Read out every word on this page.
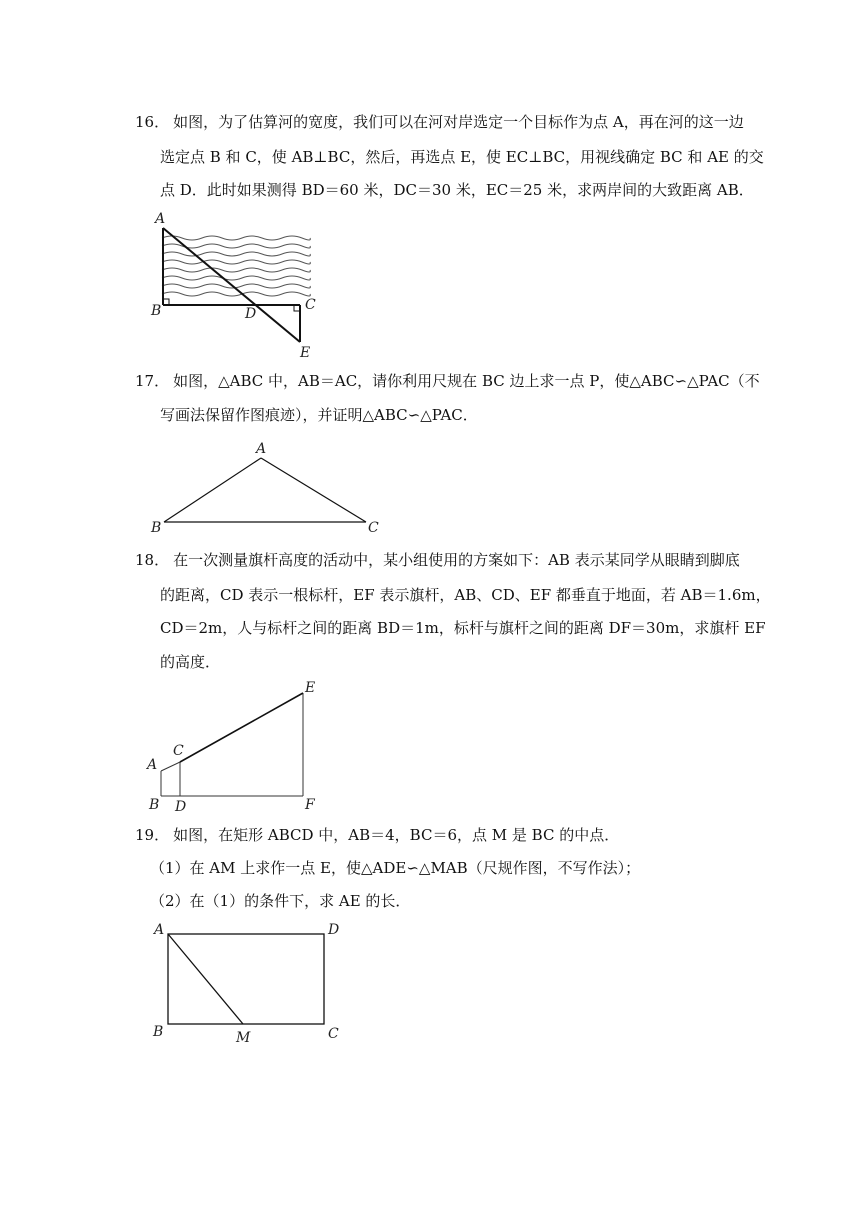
16． 如图，为了估算河的宽度，我们可以在河对岸选定一个目标作为点 A，再在河的这一边
选定点 B 和 C，使 AB⊥BC，然后，再选点 E，使 EC⊥BC，用视线确定 BC 和 AE 的交
点 D．此时如果测得 BD＝60 米，DC＝30 米，EC＝25 米，求两岸间的大致距离 AB．
A
B	C
D
E
17． 如图，△ABC 中，AB＝AC，请你利用尺规在 BC 边上求一点 P，使△ABC∽△PAC（不
写画法保留作图痕迹），并证明△ABC∽△PAC．
A
B	C
18． 在一次测量旗杆高度的活动中，某小组使用的方案如下：AB 表示某同学从眼睛到脚底
的距离，CD 表示一根标杆，EF 表示旗杆，AB、CD、EF 都垂直于地面，若 AB＝1.6m，
CD＝2m，人与标杆之间的距离 BD＝1m，标杆与旗杆之间的距离 DF＝30m，求旗杆 EF
的高度．
A
B
C
D
E
F
19． 如图，在矩形 ABCD 中，AB＝4，BC＝6，点 M 是 BC 的中点．
（1）在 AM 上求作一点 E，使△ADE∽△MAB（尺规作图，不写作法）；
（2）在（1）的条件下，求 AE 的长．
A	D
B	M	C
